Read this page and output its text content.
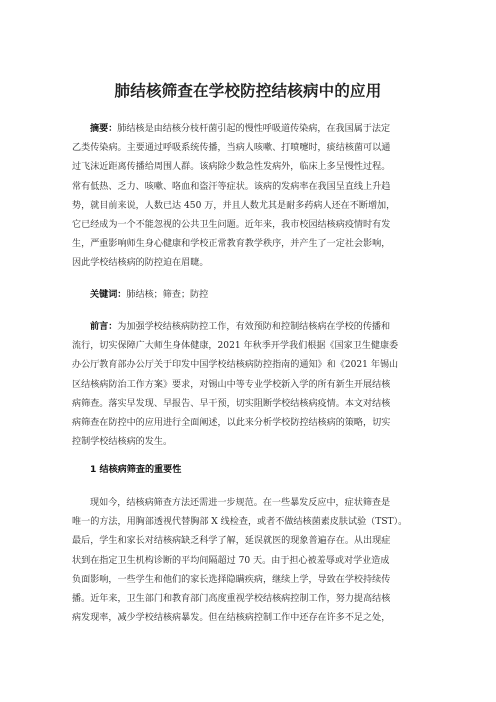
肺结核筛查在学校防控结核病中的应用
摘要：肺结核是由结核分枝杆菌引起的慢性呼吸道传染病，在我国属于法定
乙类传染病。主要通过呼吸系统传播，当病人咳嗽、打喷嚏时，痰结核菌可以通
过飞沫近距离传播给周围人群。该病除少数急性发病外，临床上多呈慢性过程。
常有低热、乏力、咳嗽、咯血和盗汗等症状。该病的发病率在我国呈直线上升趋
势，就目前来说，人数已达 450 万，并且人数尤其是耐多药病人还在不断增加，
它已经成为一个不能忽视的公共卫生问题。近年来，我市校园结核病疫情时有发
生，严重影响师生身心健康和学校正常教育教学秩序，并产生了一定社会影响，
因此学校结核病的防控迫在眉睫。
关键词：肺结核；筛查；防控
前言：为加强学校结核病防控工作，有效预防和控制结核病在学校的传播和
流行，切实保障广大师生身体健康，2021 年秋季开学我们根据《国家卫生健康委
办公厅教育部办公厅关于印发中国学校结核病防控指南的通知》和《2021 年锡山
区结核病防治工作方案》要求，对锡山中等专业学校新入学的所有新生开展结核
病筛查。落实早发现、早报告、早干预，切实阻断学校结核病疫情。本文对结核
病筛查在防控中的应用进行全面阐述，以此来分析学校防控结核病的策略，切实
控制学校结核病的发生。
1 结核病筛查的重要性
现如今，结核病筛查方法还需进一步规范。在一些暴发反应中，症状筛查是
唯一的方法，用胸部透视代替胸部 X 线检查，或者不做结核菌素皮肤试验（TST）。
最后，学生和家长对结核病缺乏科学了解，延误就医的现象普遍存在。从出现症
状到在指定卫生机构诊断的平均间隔超过 70 天。由于担心被羞辱或对学业造成
负面影响，一些学生和他们的家长选择隐瞒疾病，继续上学，导致在学校持续传
播。近年来，卫生部门和教育部门高度重视学校结核病控制工作，努力提高结核
病发现率，减少学校结核病暴发。但在结核病控制工作中还存在许多不足之处，
